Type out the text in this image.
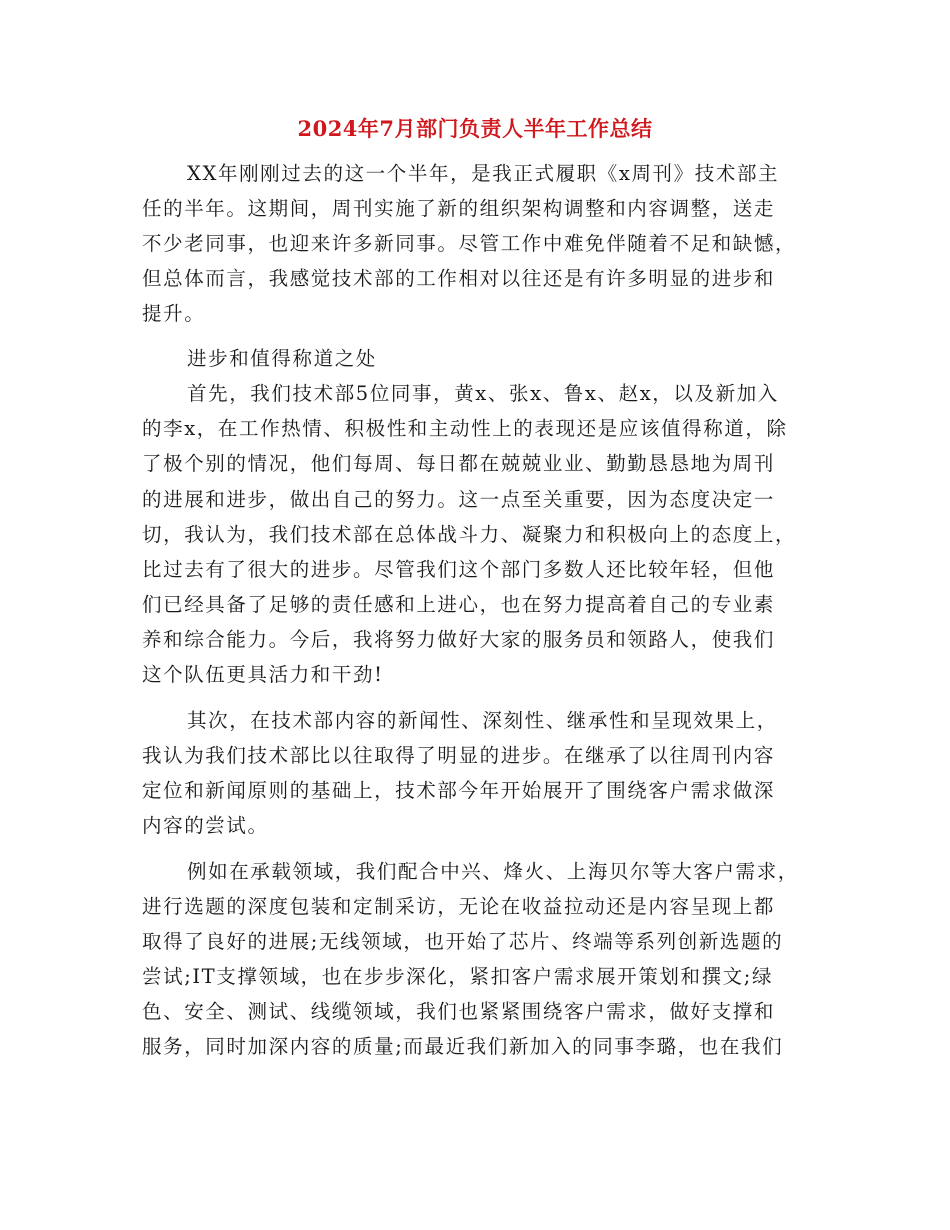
2024年7月部门负责人半年工作总结
XX年刚刚过去的这一个半年，是我正式履职《x周刊》技术部主
任的半年。这期间，周刊实施了新的组织架构调整和内容调整，送走
不少老同事，也迎来许多新同事。尽管工作中难免伴随着不足和缺憾，
但总体而言，我感觉技术部的工作相对以往还是有许多明显的进步和
提升。
进步和值得称道之处
首先，我们技术部5位同事，黄x、张x、鲁x、赵x，以及新加入
的李x，在工作热情、积极性和主动性上的表现还是应该值得称道，除
了极个别的情况，他们每周、每日都在兢兢业业、勤勤恳恳地为周刊
的进展和进步，做出自己的努力。这一点至关重要，因为态度决定一
切，我认为，我们技术部在总体战斗力、凝聚力和积极向上的态度上，
比过去有了很大的进步。尽管我们这个部门多数人还比较年轻，但他
们已经具备了足够的责任感和上进心，也在努力提高着自己的专业素
养和综合能力。今后，我将努力做好大家的服务员和领路人，使我们
这个队伍更具活力和干劲!
其次，在技术部内容的新闻性、深刻性、继承性和呈现效果上，
我认为我们技术部比以往取得了明显的进步。在继承了以往周刊内容
定位和新闻原则的基础上，技术部今年开始展开了围绕客户需求做深
内容的尝试。
例如在承载领域，我们配合中兴、烽火、上海贝尔等大客户需求，
进行选题的深度包装和定制采访，无论在收益拉动还是内容呈现上都
取得了良好的进展;无线领域，也开始了芯片、终端等系列创新选题的
尝试;IT支撑领域，也在步步深化，紧扣客户需求展开策划和撰文;绿
色、安全、测试、线缆领域，我们也紧紧围绕客户需求，做好支撑和
服务，同时加深内容的质量;而最近我们新加入的同事李璐，也在我们
